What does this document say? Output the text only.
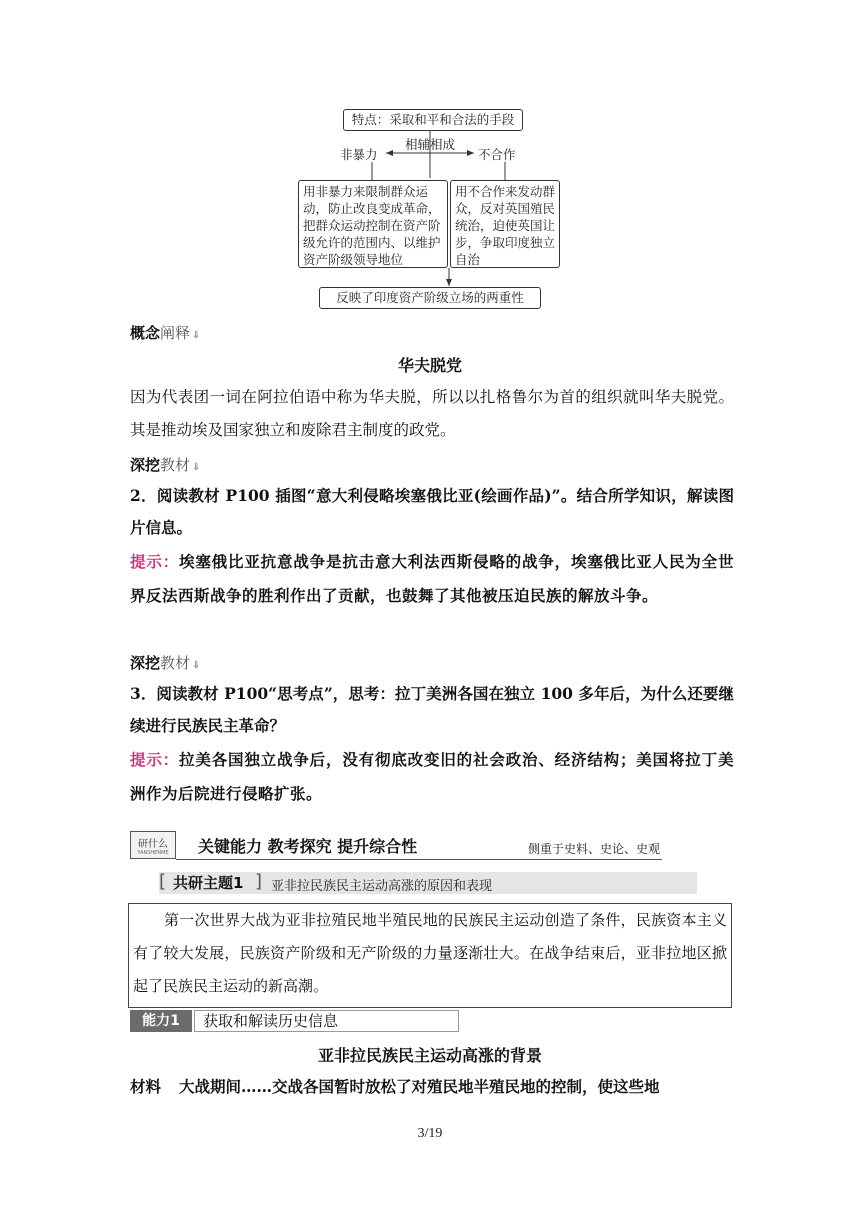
特点：采取和平和合法的手段
相辅相成
非暴力	不合作
用非暴力来限制群众运动，防止改良变成革命，把群众运动控制在资产阶级允许的范围内、以维护资产阶级领导地位
用不合作来发动群众，反对英国殖民统治，迫使英国让步，争取印度独立自治
反映了印度资产阶级立场的两重性
概念阐释 ⇓
华夫脱党
因为代表团一词在阿拉伯语中称为华夫脱，所以以扎格鲁尔为首的组织就叫华夫脱党。其是推动埃及国家独立和废除君主制度的政党。
深挖教材 ⇓
2．阅读教材 P100 插图“意大利侵略埃塞俄比亚(绘画作品)”。结合所学知识，解读图片信息。
提示：埃塞俄比亚抗意战争是抗击意大利法西斯侵略的战争，埃塞俄比亚人民为全世界反法西斯战争的胜利作出了贡献，也鼓舞了其他被压迫民族的解放斗争。
深挖教材 ⇓
3．阅读教材 P100“思考点”，思考：拉丁美洲各国在独立 100 多年后，为什么还要继续进行民族民主革命？
提示：拉美各国独立战争后，没有彻底改变旧的社会政治、经济结构；美国将拉丁美洲作为后院进行侵略扩张。
研什么
YANSHENME	关键能力 教考探究 提升综合性	侧重于史料、史论、史观
[ 共研主题1 ] 亚非拉民族民主运动高涨的原因和表现
第一次世界大战为亚非拉殖民地半殖民地的民族民主运动创造了条件，民族资本主义有了较大发展，民族资产阶级和无产阶级的力量逐渐壮大。在战争结束后，亚非拉地区掀起了民族民主运动的新高潮。
能力1	获取和解读历史信息
亚非拉民族民主运动高涨的背景
材料 大战期间……交战各国暂时放松了对殖民地半殖民地的控制，使这些地
3/19
